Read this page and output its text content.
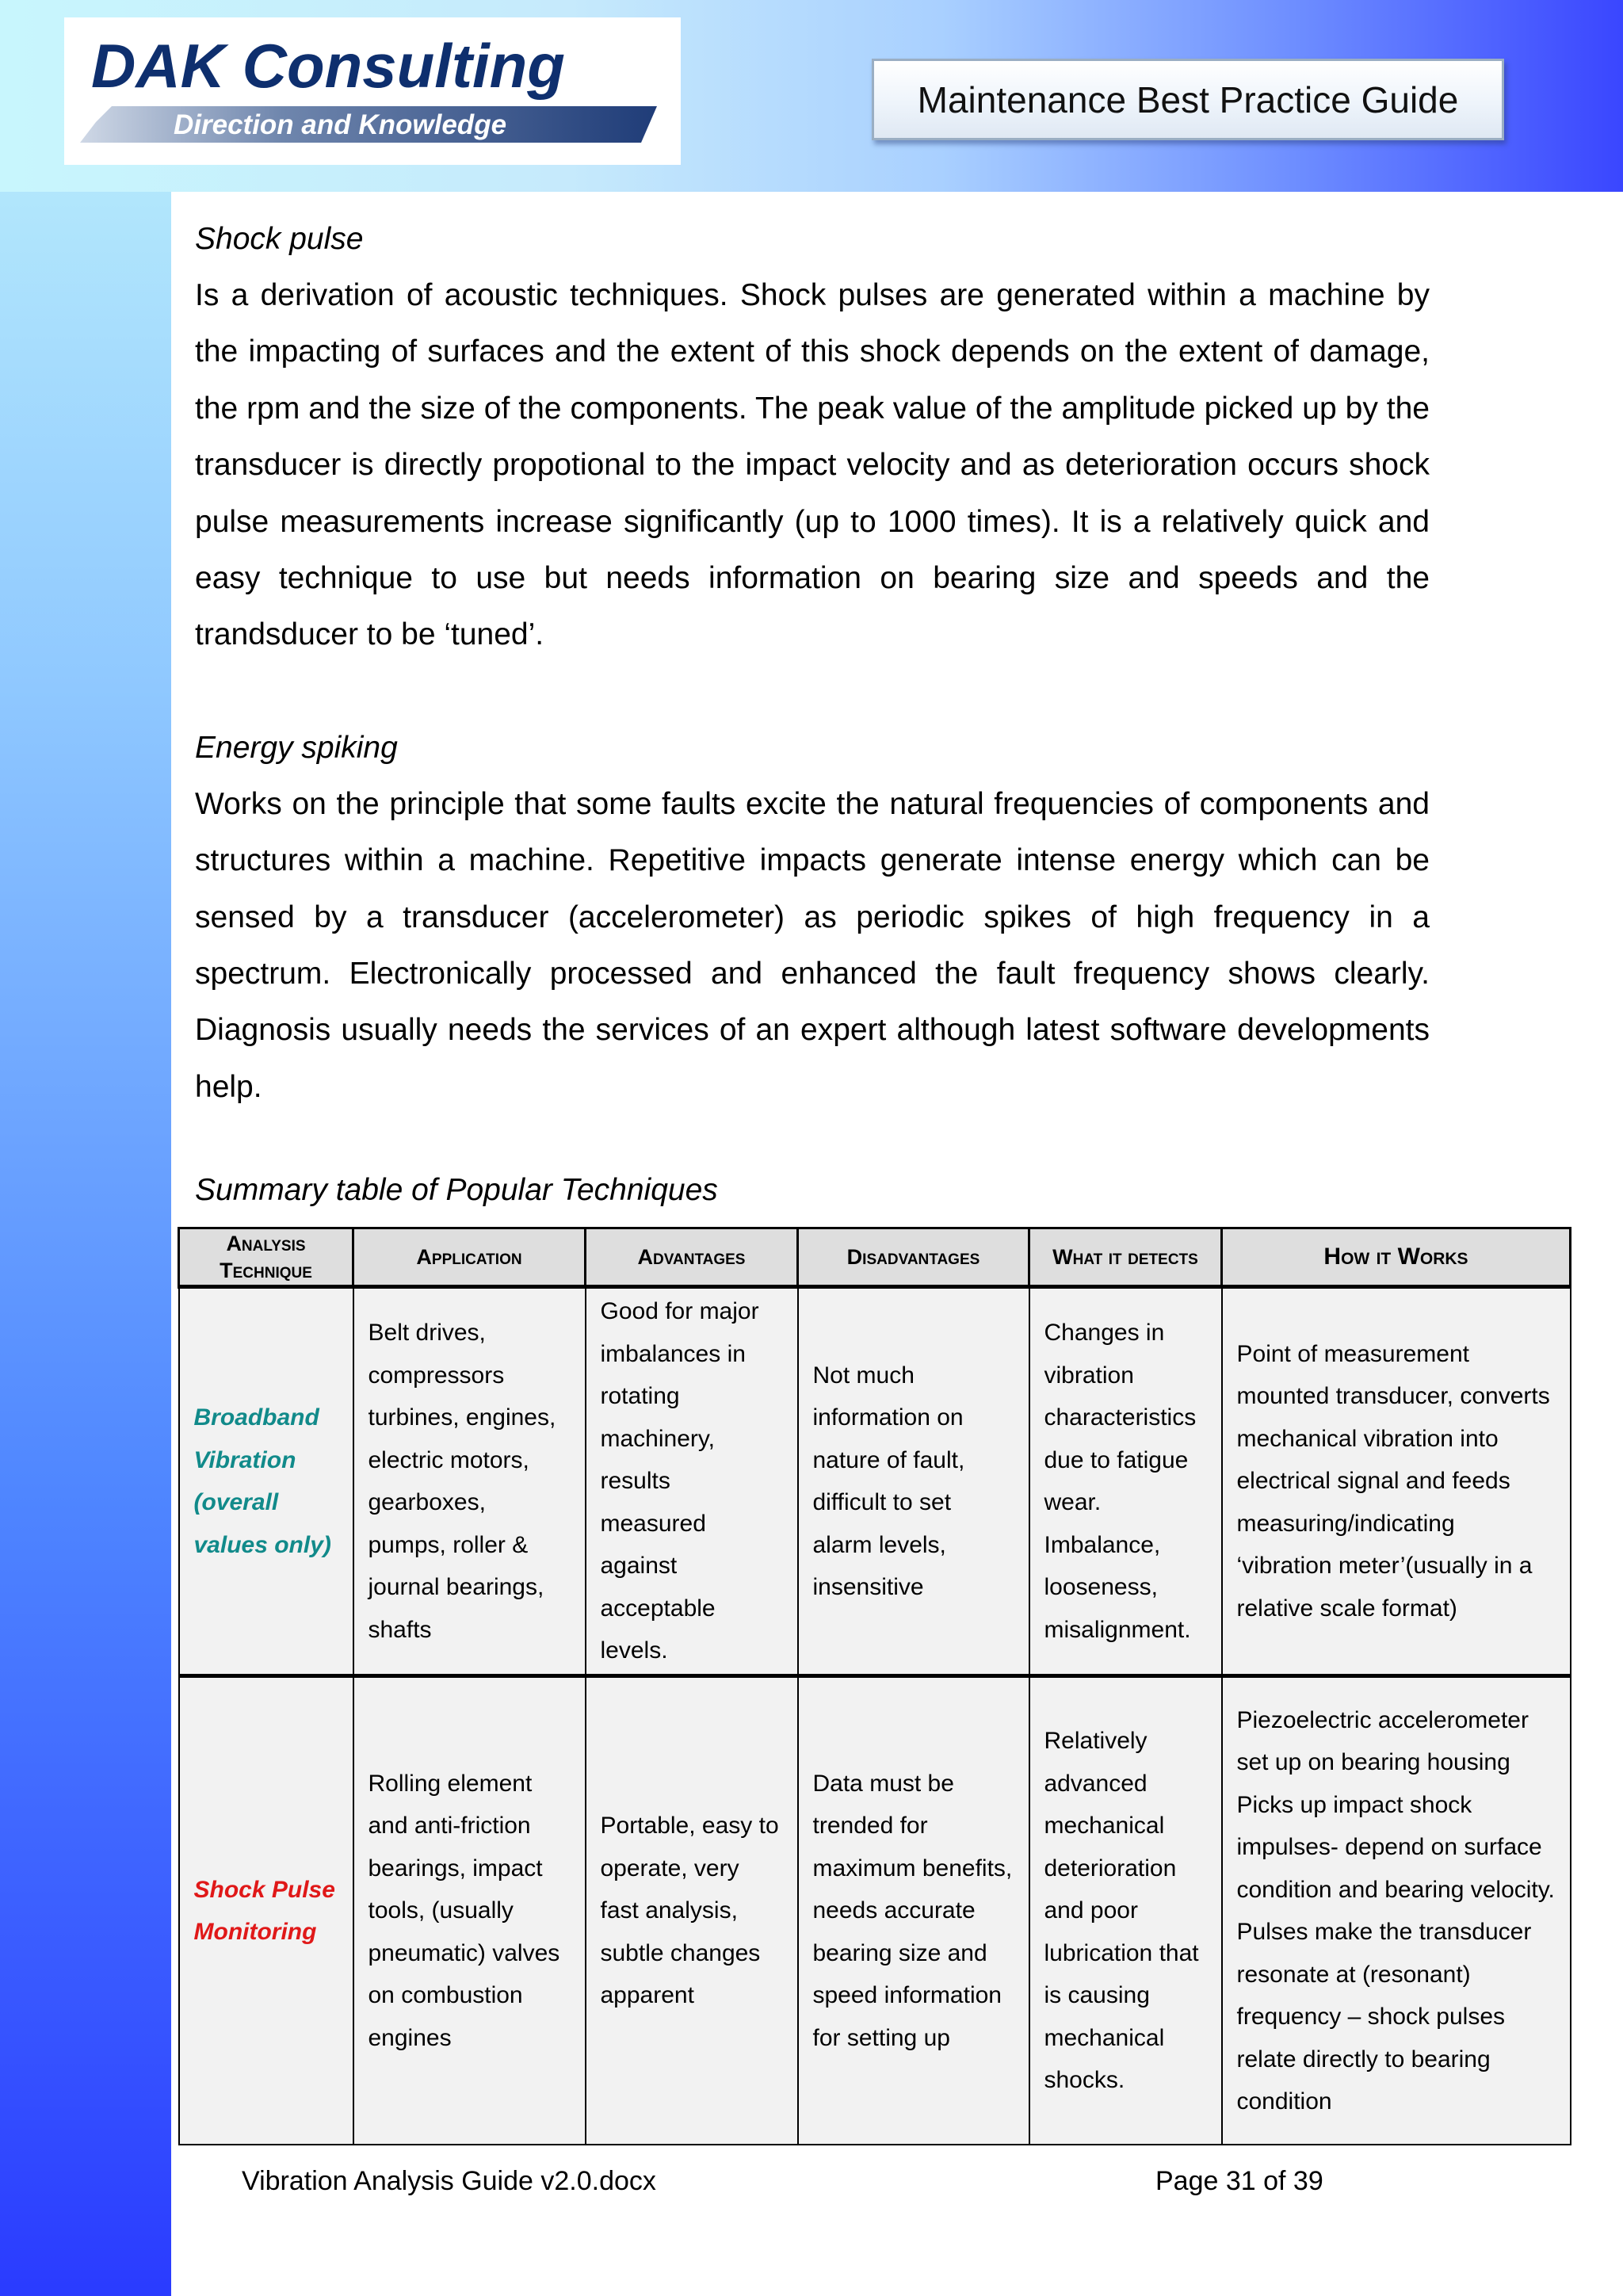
DAK Consulting
Direction and Knowledge
Maintenance Best Practice Guide

Shock pulse

Is a derivation of acoustic techniques. Shock pulses are generated within a machine by the impacting of surfaces and the extent of this shock depends on the extent of damage, the rpm and the size of the components. The peak value of the amplitude picked up by the transducer is directly propotional to the impact velocity and as deterioration occurs shock pulse measurements increase significantly (up to 1000 times). It is a relatively quick and easy technique to use but needs information on bearing size and speeds and the trandsducer to be ‘tuned’.

Energy spiking

Works on the principle that some faults excite the natural frequencies of components and structures within a machine. Repetitive impacts generate intense energy which can be sensed by a transducer (accelerometer) as periodic spikes of high frequency in a spectrum. Electronically processed and enhanced the fault frequency shows clearly. Diagnosis usually needs the services of an expert although latest software developments help.

Summary table of Popular Techniques
Analysis Technique	Application	Advantages	Disadvantages	What it detects	How it Works
Broadband Vibration (overall values only)	Belt drives, compressors turbines, engines, electric motors, gearboxes, pumps, roller & journal bearings, shafts	Good for major imbalances in rotating machinery, results measured against acceptable levels.	Not much information on nature of fault, difficult to set alarm levels, insensitive	Changes in vibration characteristics due to fatigue wear. Imbalance, looseness, misalignment.	Point of measurement mounted transducer, converts mechanical vibration into electrical signal and feeds measuring/indicating ‘vibration meter’(usually in a relative scale format)
Shock Pulse Monitoring	Rolling element and anti-friction bearings, impact tools, (usually pneumatic) valves on combustion engines	Portable, easy to operate, very fast analysis, subtle changes apparent	Data must be trended for maximum benefits, needs accurate bearing size and speed information for setting up	Relatively advanced mechanical deterioration and poor lubrication that is causing mechanical shocks.	Piezoelectric accelerometer set up on bearing housing Picks up impact shock impulses- depend on surface condition and bearing velocity. Pulses make the transducer resonate at (resonant) frequency – shock pulses relate directly to bearing condition
Vibration Analysis Guide v2.0.docx	Page 31 of 39
